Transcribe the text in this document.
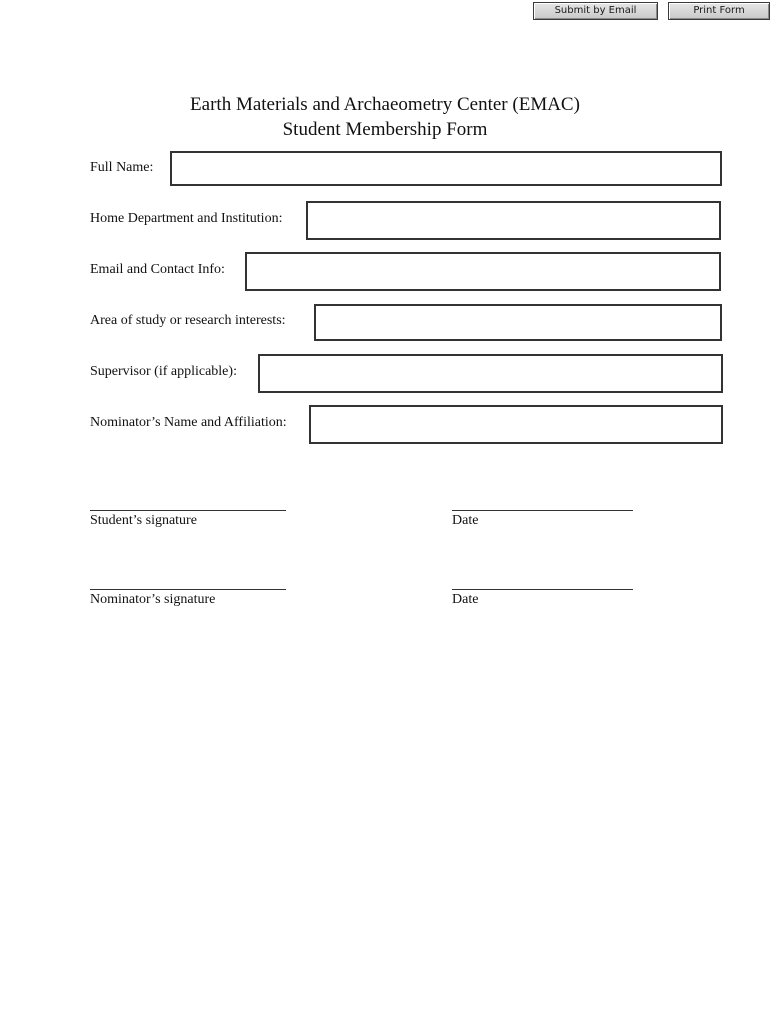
Submit by Email	Print Form
Earth Materials and Archaeometry Center (EMAC)
Student Membership Form
Full Name:
Home Department and Institution:
Email and Contact Info:
Area of study or research interests:
Supervisor (if applicable):
Nominator’s Name and Affiliation:
Student’s signature	Date
Nominator’s signature	Date
